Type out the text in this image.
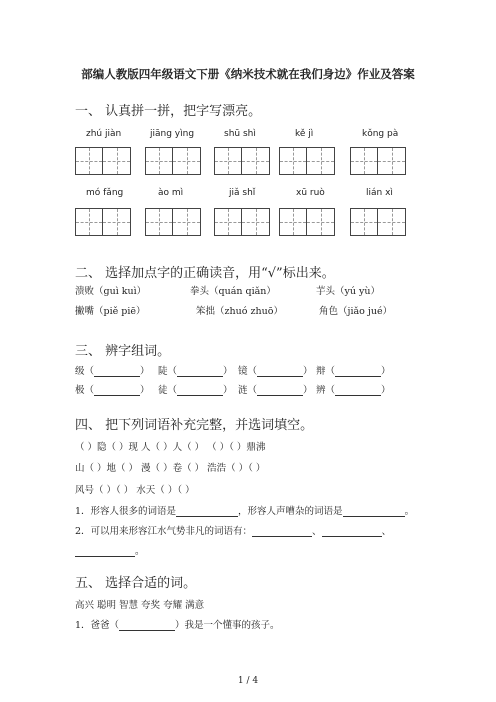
部编人教版四年级语文下册《纳米技术就在我们身边》作业及答案
一、 认真拼一拼，把字写漂亮。
zhú jiàn	jiāng yìng	shū shì	kě jì	kǒng pà
mó fǎng	ào mì	jiǎ shǐ	xū ruò	lián xì
二、 选择加点字的正确读音，用“√”标出来。
溃败（guì kuì）	拳头（quán qiǎn）	芋头（yú yù）
撇嘴（piě piē）	笨拙（zhuó zhuō）	角色（jiǎo jué）
三、 辨字组词。
级（	） 陡（	） 镜（	） 辩（	）
极（	） 徒（	） 涟（	） 辨（	）
四、 把下列词语补充完整，并选词填空。
（ ）隐（ ）现 人（ ）人（ ） （ ）（ ）鼎沸
山（ ）地（ ） 漫（ ）卷（ ） 浩浩（ ）（ ）
风号（ ）（ ） 水天（ ）（ ）
1．形容人很多的词语是	，形容人声嘈杂的词语是	。
2．可以用来形容江水气势非凡的词语有：	、	、
。
五、 选择合适的词。
高兴 聪明 智慧 夸奖 夸耀 满意
1．爸爸（	）我是一个懂事的孩子。
1 / 4
